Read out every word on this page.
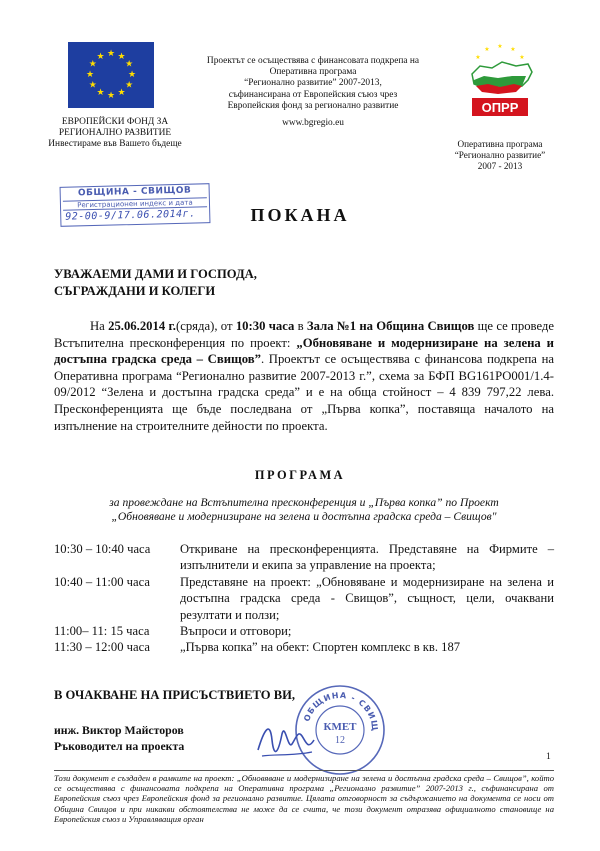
★ ★
★
★
★
★
★
★
★
★
★
★
ЕВРОПЕЙСКИ ФОНД ЗА РЕГИОНАЛНО РАЗВИТИЕ Инвестираме във Вашето бъдеще
Проектът се осъществява с финансовата подкрепа на
Оперативна програма
“Регионално развитие” 2007-2013,
съфинансирана от Европейския съюз чрез
Европейския фонд за регионално развитие
www.bgregio.eu
★ ★
★
★
★
ОПРР
Оперативна програма
“Регионално развитие”
2007 - 2013
ОБЩИНА - СВИЩОВ
Регистрационен индекс и дата
92-00-9/17.06.2014г.	ПОКАНА
УВАЖАЕМИ ДАМИ И ГОСПОДА,
СЪГРАЖДАНИ И КОЛЕГИ
На 25.06.2014 г.(сряда), от 10:30 часа в Зала №1 на Община Свищов ще се проведе Встъпителна пресконференция по проект: „Обновяване и модернизиране на зелена и достъпна градска среда – Свищов”. Проектът се осъществява с финансова подкрепа на Оперативна програма “Регионално развитие 2007-2013 г.”, схема за БФП BG161PO001/1.4-09/2012 “Зелена и достъпна градска среда” и е на обща стойност – 4 839 797,22 лева. Пресконференцията ще бъде последвана от „Първа копка”, поставяща началото на изпълнение на строителните дейности по проекта.
ПРОГРАМА
за провеждане на Встъпителна пресконференция и „Първа копка” по Проект
„Обновяване и модернизиране на зелена и достъпна градска среда – Свищов"
10:30 – 10:40 часа	Откриване на пресконференцията. Представяне на Фирмите – изпълнители и екипа за управление на проекта;
10:40 – 11:00 часа	Представяне на проект: „Обновяване и модернизиране на зелена и достъпна градска среда - Свищов”, същност, цели, очаквани резултати и ползи;
11:00– 11: 15 часа	Въпроси и отговори;
11:30 – 12:00 часа	„Първа копка” на обект: Спортен комплекс в кв. 187
В ОЧАКВАНЕ НА ПРИСЪСТВИЕТО ВИ,
инж. Виктор Майсторов
Ръководител на проекта
ОБЩИНА - СВИЩ
КМЕТ
12
1
Този документ е създаден в рамките на проект: „Обновяване и модернизиране на зелена и достъпна градска среда – Свищов”, който се осъществява с финансовата подкрепа на Оперативна програма „Регионално развитие” 2007-2013 г., съфинансирана от Европейския съюз чрез Европейския фонд за регионално развитие. Цялата отговорност за съдържанието на документа се носи от Община Свищов и при никакви обстоятелства не може да се счита, че този документ отразява официалното становище на Европейския съюз и Управляващия орган
